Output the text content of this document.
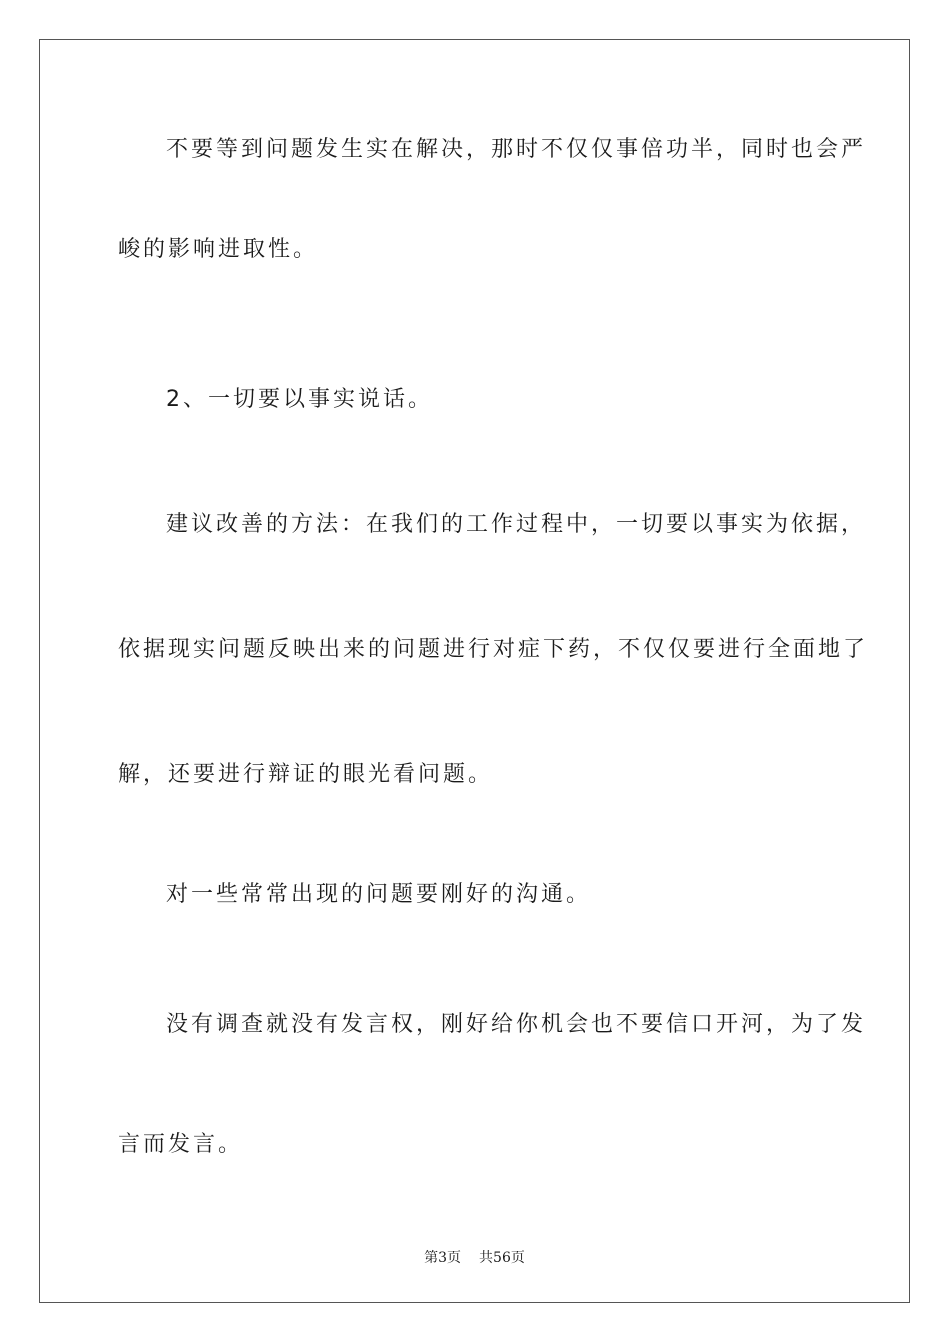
不要等到问题发生实在解决，那时不仅仅事倍功半，同时也会严

峻的影响进取性。

2、一切要以事实说话。

建议改善的方法：在我们的工作过程中，一切要以事实为依据，

依据现实问题反映出来的问题进行对症下药，不仅仅要进行全面地了

解，还要进行辩证的眼光看问题。

对一些常常出现的问题要刚好的沟通。

没有调查就没有发言权，刚好给你机会也不要信口开河，为了发

言而发言。

第3页 共56页
